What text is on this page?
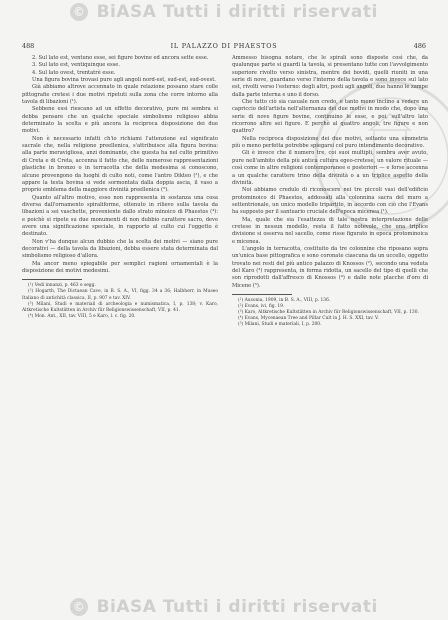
© BiASA Tutti i diritti riservati
488	IL PALAZZO DI PHAESTOS	486

2. Sul lato est, ventuno esse, sei figure bovine ed ancora sette esse.

3. Sul lato est, ventiquinque esse.

4. Sul lato ovest, trentatrè esse.

Una figura bovina trovasi pure agli angoli nord-est, sud-est, sud-ovest.

Già abbiamo altrove accennato in quale relazione possano stare colle pittografie cretesi i due motivi ripetuti sulla zona che corre intorno alla tavola di libazioni (¹).

Sebbene essi riescano ad un effetto decorativo, pure mi sembra si debba pensare che un qualche speciale simbolismo religioso abbia determinato la scelta e più ancora la reciproca disposizione dei due motivi.

Non è necessario infatti ch'io richiami l'attenzione sul significato sacrale che, nella religione preellenica, s'attribuisce alla figura bovina: alla parte meravigliosa, anzi dominante, che questa ha nel culto primitivo di Creta e di Creta, accenna il fatto che, delle numerose rappresentazioni plastiche in bronzo o in terracotta che della medesima si conoscono, alcune provengono da luoghi di culto noti, come l'antro Dikteo (²), e che appare la testa bovina si vede sormontata dalla doppia ascia, il vaso a proprio emblema della maggiore divinità preellenica (³).

Quanto all'altro motivo, esso non rappresenta in sostanza una cosa diversa dall'ornamento spiraliforme, ottenuto in rilievo sulla tavola da libazioni a sei vaschette, proveniente dallo strato minoico di Phaestos (⁴): e poichè si ripete su due monumenti di non dubbio carattere sacro, deve avere una significazione speciale, in rapporto al culto cui l'oggetto è destinato.

Non v'ha dunque alcun dubbio che la scelta dei motivi — siano pure decorativi — della tavola da libazioni, debba essere stata determinata dal simbolismo religioso d'allora.

Ma ancor meno spiegabile per semplici ragioni ornamentali è la disposizione dei motivi medesimi.

(¹) Vedi innanzi, p. 463 e segg.

(²) Hogarth, The Dictaean Cave, in B. S. A., VI, figg. 34 a 36; Halbherr, in Museo Italiano di antichità classica, II, p. 907 e tav. XIV.

(³) Milani, Studi e materiali di archeologia e numismatica, I, p. 138; v. Karo, Altkretische Kultstätten in Archiv für Religionswissenschaft, VII, p. 41.

(⁴) Mon. Ant., XII, tav. VIII, 5 e Karo, l. c. fig. 20.

Ammesso bisogna notare, che le spirali sono disposte così che, da qualunque parte si guardi la tavola, si presentano tutte con l'avvolgimento superiore rivolto verso sinistra, mentre dei bovidi, quelli riuniti in una serie di nove, guardano verso l'interno della tavola e sono invece sul lato est, rivolti verso l'esterno: degli altri, posti agli angoli, due hanno le zampe dalla parte interna e uno il dorso.

Che tutto ciò sia casuale non credo, e tanto meno inclino a vedere un capriccio dell'artista nell'alternanza dei due motivi in modo che, dopo una serie di nove figure bovine, continuino le esse, e poi, sull'altro lato ricorrono altre sei figure. E perchè al quattro angoli, tre figure e non quattro?

Nella reciproca disposizione dei due motivi, soltanto una simmetria più o meno perfetta potrebbe spiegarsi col puro intendimento decorativo.

Gli è invece che il numero tre, coi suoi multipli, sembra aver avuto, pure nell'ambito della più antica cultura egeo-cretese, un valore rituale — così come in altre religioni contemporanee e posteriori — e forse accenna a un qualche carattere trino della divinità o a un triplice aspetto della divinità.

Noi abbiamo credulo di riconoscere nei tre piccoli vasi dell'edificio protominoico di Phaestos, addossati alla colonnina sacra del muro a settentrionale, un unico modello tripartito, in accordo con ciò che l'Evans ha supposto per il santuario cruciale dell'epoca micenea (¹).

Ma, quale che sia l'esattezza di tale nostra interpretazione delle cretese in nessun modello, resta il fatto notevole, che una triplice divisione si osserva nel sacello, come risse figurato in epoca protominoica e micenea.

L'angolo in terracotta, costituito da tre colonnine che riposano sopra un'unica base pittografica e sono coronate ciascuna da un uccello, oggetto trovato nei resti del più antico palazzo di Knossos (²), secondo una veduta del Karo (³) rappresenta, in forma ridotta, un sacello del tipo di quelli che son riprodotti dall'affresco di Knossos (⁴) e dalle note placche d'oro di Micene (⁵).

(¹) Ausonia, 1909, in B. S. A., VIII, p. 136.

(²) Evans, ivi, fig. 19.

(³) Karo, Altkretische Kultstätten in Archiv für Religionswissenschaft, VII, p. 130.

(⁴) Evans, Mycenaean Tree and Pillar Cult in J. H. S. XXI, tav. V.

(⁵) Milani, Studi e materiali, I, p. 200.

© BiASA Tutti i diritti riservati
